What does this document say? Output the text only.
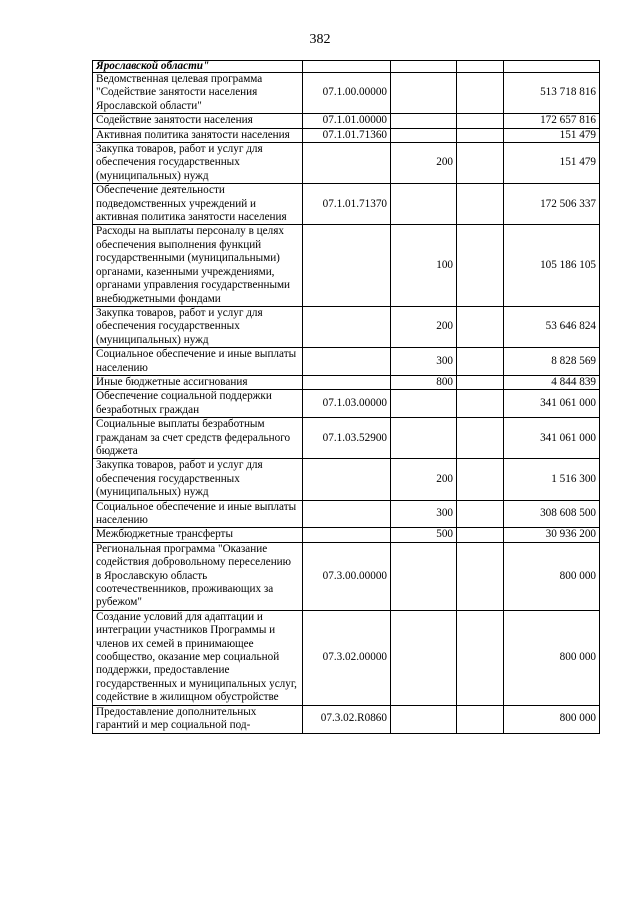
382
Ярославской области"				
Ведомственная целевая программа "Содействие занятости населения Ярославской области"	07.1.00.00000			513 718 816
Содействие занятости населения	07.1.01.00000			172 657 816
Активная политика занятости населения	07.1.01.71360			151 479
Закупка товаров, работ и услуг для обеспечения государственных (муниципальных) нужд		200		151 479
Обеспечение деятельности подведомственных учреждений и активная политика занятости населения	07.1.01.71370			172 506 337
Расходы на выплаты персоналу в целях обеспечения выполнения функций государственными (муниципальными) органами, казенными учреждениями, органами управления государственными внебюджетными фондами		100		105 186 105
Закупка товаров, работ и услуг для обеспечения государственных (муниципальных) нужд		200		53 646 824
Социальное обеспечение и иные выплаты населению		300		8 828 569
Иные бюджетные ассигнования		800		4 844 839
Обеспечение социальной поддержки безработных граждан	07.1.03.00000			341 061 000
Социальные выплаты безработным гражданам за счет средств федерального бюджета	07.1.03.52900			341 061 000
Закупка товаров, работ и услуг для обеспечения государственных (муниципальных) нужд		200		1 516 300
Социальное обеспечение и иные выплаты населению		300		308 608 500
Межбюджетные трансферты		500		30 936 200
Региональная программа "Оказание содействия добровольному переселению в Ярославскую область соотечественников, проживающих за рубежом"	07.3.00.00000			800 000
Создание условий для адаптации и интеграции участников Программы и членов их семей в принимающее сообщество, оказание мер социальной поддержки, предоставление государственных и муниципальных услуг, содействие в жилищном обустройстве	07.3.02.00000			800 000
Предоставление дополнительных гарантий и мер социальной под-	07.3.02.R0860			800 000
